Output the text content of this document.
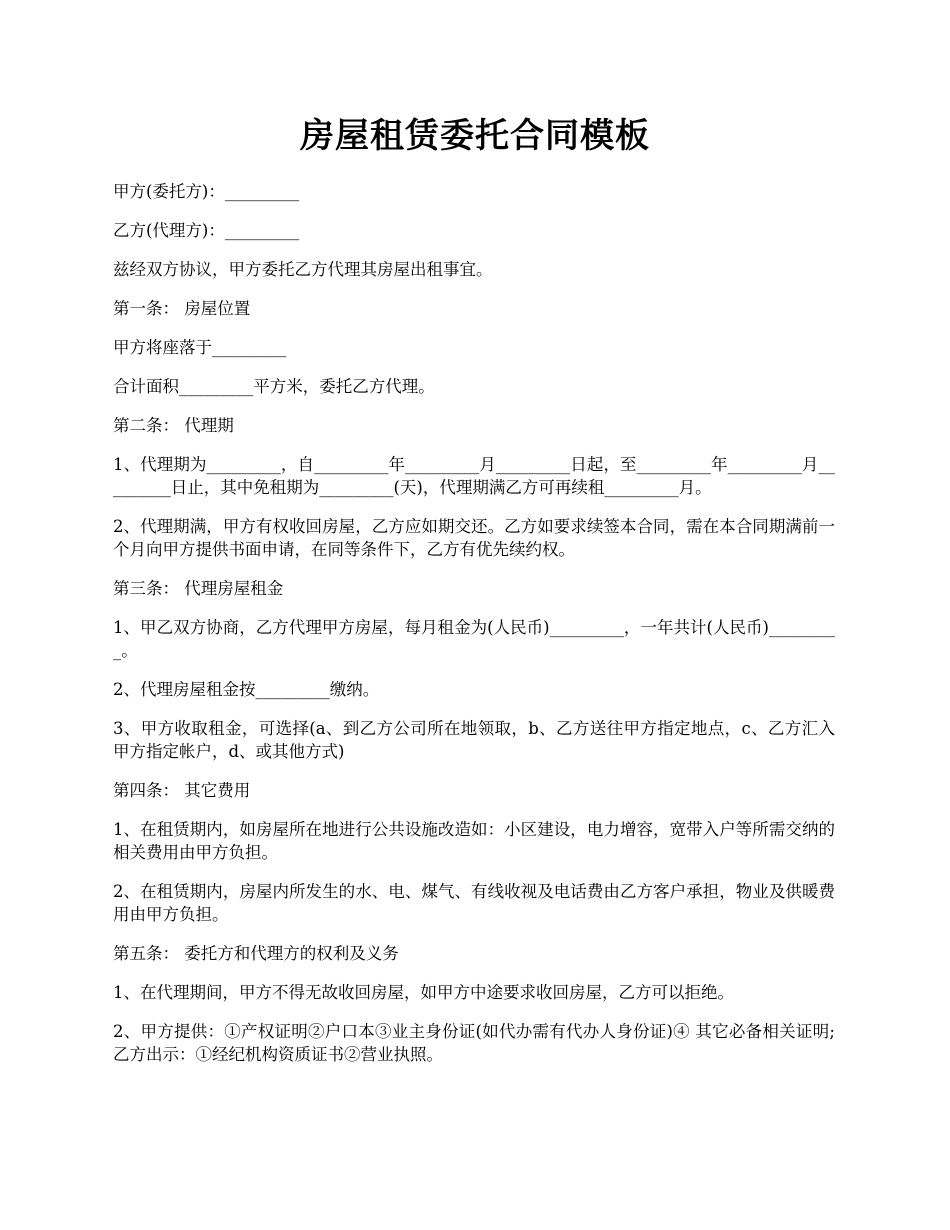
房屋租赁委托合同模板

甲方(委托方)：_________

乙方(代理方)：_________

兹经双方协议，甲方委托乙方代理其房屋出租事宜。

第一条： 房屋位置

甲方将座落于_________

合计面积_________平方米，委托乙方代理。

第二条： 代理期

1、代理期为_________，自_________年_________月_________日起，至_________年_________月_________日止，其中免租期为_________(天)，代理期满乙方可再续租_________月。

2、代理期满，甲方有权收回房屋，乙方应如期交还。乙方如要求续签本合同，需在本合同期满前一个月向甲方提供书面申请，在同等条件下，乙方有优先续约权。

第三条： 代理房屋租金

1、甲乙双方协商，乙方代理甲方房屋，每月租金为(人民币)_________，一年共计(人民币)_________。

2、代理房屋租金按_________缴纳。

3、甲方收取租金，可选择(a、到乙方公司所在地领取，b、乙方送往甲方指定地点，c、乙方汇入甲方指定帐户，d、或其他方式)

第四条： 其它费用

1、在租赁期内，如房屋所在地进行公共设施改造如：小区建设，电力增容，宽带入户等所需交纳的相关费用由甲方负担。

2、在租赁期内，房屋内所发生的水、电、煤气、有线收视及电话费由乙方客户承担，物业及供暖费用由甲方负担。

第五条： 委托方和代理方的权利及义务

1、在代理期间，甲方不得无故收回房屋，如甲方中途要求收回房屋，乙方可以拒绝。

2、甲方提供：①产权证明②户口本③业主身份证(如代办需有代办人身份证)④ 其它必备相关证明;乙方出示：①经纪机构资质证书②营业执照。
